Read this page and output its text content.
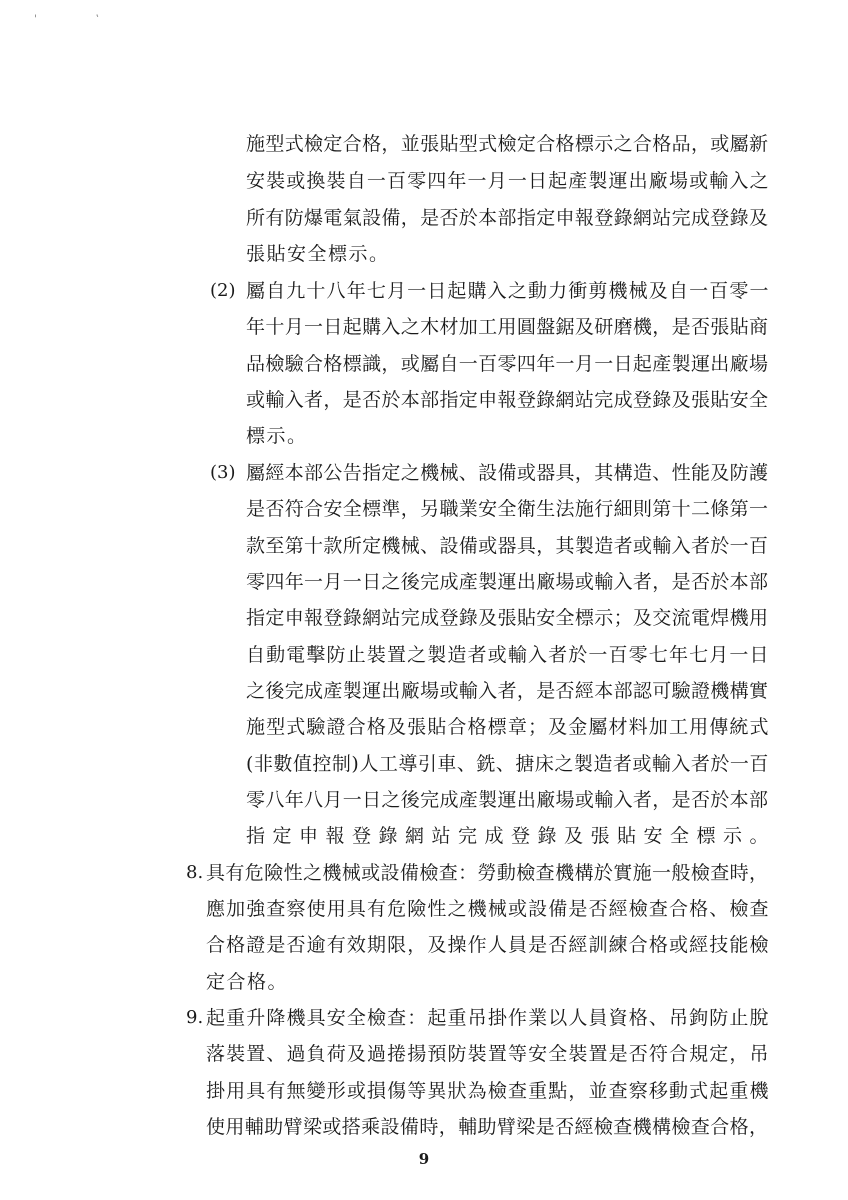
' ‛
施型式檢定合格，並張貼型式檢定合格標示之合格品，或屬新
安裝或換裝自一百零四年一月一日起產製運出廠場或輸入之
所有防爆電氣設備，是否於本部指定申報登錄網站完成登錄及
張貼安全標示。
(2) 屬自九十八年七月一日起購入之動力衝剪機械及自一百零一
年十月一日起購入之木材加工用圓盤鋸及研磨機，是否張貼商
品檢驗合格標識，或屬自一百零四年一月一日起產製運出廠場
或輸入者，是否於本部指定申報登錄網站完成登錄及張貼安全
標示。
(3) 屬經本部公告指定之機械、設備或器具，其構造、性能及防護
是否符合安全標準，另職業安全衛生法施行細則第十二條第一
款至第十款所定機械、設備或器具，其製造者或輸入者於一百
零四年一月一日之後完成產製運出廠場或輸入者，是否於本部
指定申報登錄網站完成登錄及張貼安全標示；及交流電焊機用
自動電擊防止裝置之製造者或輸入者於一百零七年七月一日
之後完成產製運出廠場或輸入者，是否經本部認可驗證機構實
施型式驗證合格及張貼合格標章；及金屬材料加工用傳統式
(非數值控制)人工導引車、銑、搪床之製造者或輸入者於一百
零八年八月一日之後完成產製運出廠場或輸入者，是否於本部
指定申報登錄網站完成登錄及張貼安全標示。
8. 具有危險性之機械或設備檢查：勞動檢查機構於實施一般檢查時，
應加強查察使用具有危險性之機械或設備是否經檢查合格、檢查
合格證是否逾有效期限，及操作人員是否經訓練合格或經技能檢
定合格。
9. 起重升降機具安全檢查：起重吊掛作業以人員資格、吊鉤防止脫
落裝置、過負荷及過捲揚預防裝置等安全裝置是否符合規定，吊
掛用具有無變形或損傷等異狀為檢查重點，並查察移動式起重機
使用輔助臂梁或搭乘設備時，輔助臂梁是否經檢查機構檢查合格，
9
